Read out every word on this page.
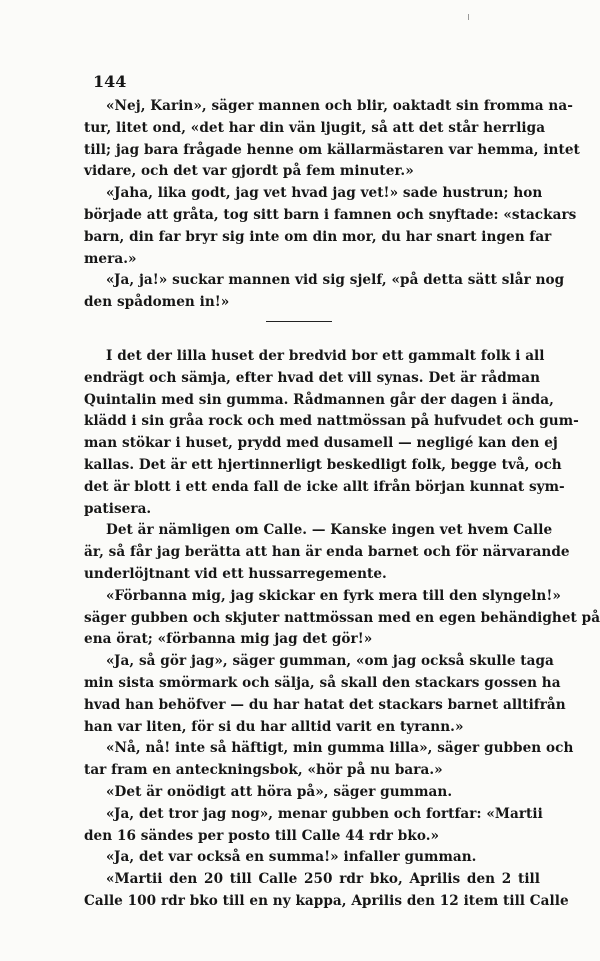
144
«Nej, Karin», säger mannen och blir, oaktadt sin fromma na-
tur, litet ond, «det har din vän ljugit, så att det står herrliga
till; jag bara frågade henne om källarmästaren var hemma, intet
vidare, och det var gjordt på fem minuter.»
«Jaha, lika godt, jag vet hvad jag vet!» sade hustrun; hon
började att gråta, tog sitt barn i famnen och snyftade: «stackars
barn, din far bryr sig inte om din mor, du har snart ingen far
mera.»
«Ja, ja!» suckar mannen vid sig sjelf, «på detta sätt slår nog
den spådomen in!»
I det der lilla huset der bredvid bor ett gammalt folk i all
endrägt och sämja, efter hvad det vill synas. Det är rådman
Quintalin med sin gumma. Rådmannen går der dagen i ända,
klädd i sin gråa rock och med nattmössan på hufvudet och gum-
man stökar i huset, prydd med dusamell — negligé kan den ej
kallas. Det är ett hjertinnerligt beskedligt folk, begge två, och
det är blott i ett enda fall de icke allt ifrån början kunnat sym-
patisera.
Det är nämligen om Calle. — Kanske ingen vet hvem Calle
är, så får jag berätta att han är enda barnet och för närvarande
underlöjtnant vid ett hussarregemente.
«Förbanna mig, jag skickar en fyrk mera till den slyngeln!»
säger gubben och skjuter nattmössan med en egen behändighet på
ena örat; «förbanna mig jag det gör!»
«Ja, så gör jag», säger gumman, «om jag också skulle taga
min sista smörmark och sälja, så skall den stackars gossen ha
hvad han behöfver — du har hatat det stackars barnet alltifrån
han var liten, för si du har alltid varit en tyrann.»
«Nå, nå! inte så häftigt, min gumma lilla», säger gubben och
tar fram en anteckningsbok, «hör på nu bara.»
«Det är onödigt att höra på», säger gumman.
«Ja, det tror jag nog», menar gubben och fortfar: «Martii
den 16 sändes per posto till Calle 44 rdr bko.»
«Ja, det var också en summa!» infaller gumman.
«Martii den 20 till Calle 250 rdr bko, Aprilis den 2 till
Calle 100 rdr bko till en ny kappa, Aprilis den 12 item till Calle
